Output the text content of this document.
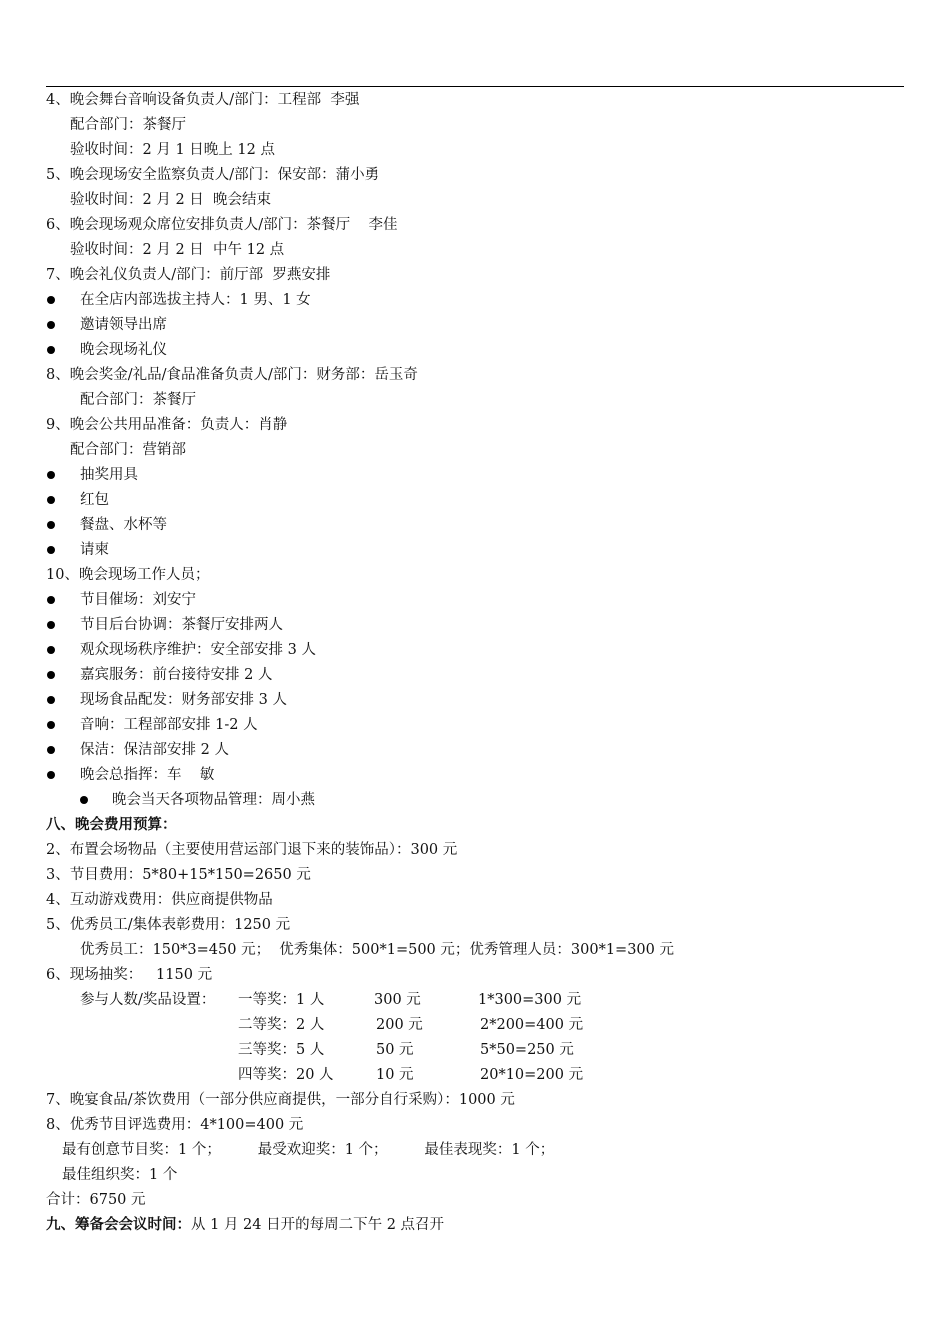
4、晚会舞台音响设备负责人/部门：工程部  李强
配合部门：茶餐厅
验收时间：2 月 1 日晚上 12 点
5、晚会现场安全监察负责人/部门：保安部：蒲小勇
验收时间：2 月 2 日  晚会结束
6、晚会现场观众席位安排负责人/部门：茶餐厅    李佳
验收时间：2 月 2 日  中午 12 点
7、晚会礼仪负责人/部门：前厅部  罗燕安排
在全店内部选拔主持人：1 男、1 女
邀请领导出席
晚会现场礼仪
8、晚会奖金/礼品/食品准备负责人/部门：财务部：岳玉奇
配合部门：茶餐厅
9、晚会公共用品准备：负责人：肖静
配合部门：营销部
抽奖用具
红包
餐盘、水杯等
请柬
10、晚会现场工作人员；
节目催场：刘安宁
节目后台协调：茶餐厅安排两人
观众现场秩序维护：安全部安排 3 人
嘉宾服务：前台接待安排 2 人
现场食品配发：财务部安排 3 人
音响：工程部部安排 1-2 人
保洁：保洁部安排 2 人
晚会总指挥：车    敏
晚会当天各项物品管理：周小燕
八、晚会费用预算：
2、布置会场物品（主要使用营运部门退下来的装饰品）：300 元
3、节目费用：5*80+15*150=2650 元
4、互动游戏费用：供应商提供物品
5、优秀员工/集体表彰费用：1250 元
优秀员工：150*3=450 元；  优秀集体：500*1=500 元；优秀管理人员：300*1=300 元
6、现场抽奖：   1150 元
参与人数/奖品设置： 一等奖：1 人	300 元	1*300=300 元
二等奖：2 人	200 元	2*200=400 元
三等奖：5 人	50 元	5*50=250 元
四等奖：20 人	10 元	20*10=200 元
7、晚宴食品/茶饮费用（一部分供应商提供，一部分自行采购）：1000 元
8、优秀节目评选费用：4*100=400 元
最有创意节目奖：1 个；        最受欢迎奖：1 个；        最佳表现奖：1 个；
最佳组织奖：1 个
合计：6750 元
九、筹备会会议时间：从 1 月 24 日开的每周二下午 2 点召开
